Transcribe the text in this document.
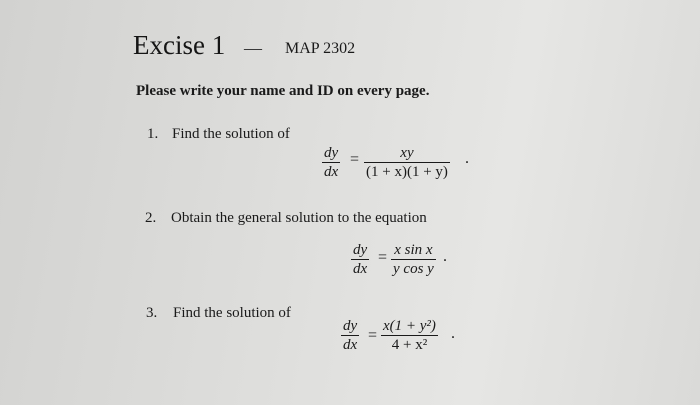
Excise 1 — MAP 2302
Please write your name and ID on every page.
1. Find the solution of
$\frac{dy}{dx} = \frac{xy}{(1 + x)(1 + y)}$ .
2. Obtain the general solution to the equation
$\frac{dy}{dx} = \frac{\text{x sin x}}{\text{y cos y}}$ .
3. Find the solution of
$\frac{dy}{dx} = \frac{\text{x(1 + y²)}}{\text{4 + x²}}$ .
